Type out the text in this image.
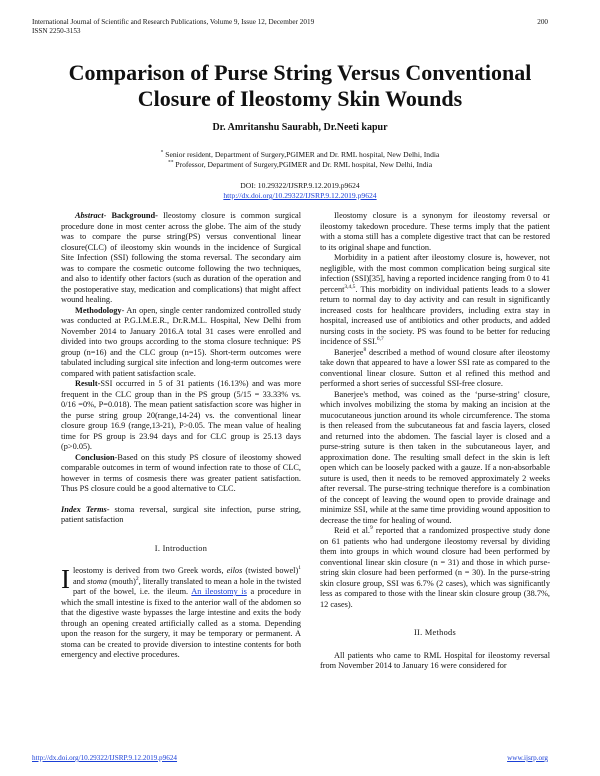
International Journal of Scientific and Research Publications, Volume 9, Issue 12, December 2019
ISSN 2250-3153
200
Comparison of Purse String Versus Conventional
Closure of Ileostomy Skin Wounds
Dr. Amritanshu Saurabh, Dr.Neeti kapur
* Senior resident, Department of Surgery,PGIMER and Dr. RML hospital, New Delhi, India
** Professor, Department of Surgery,PGIMER and Dr. RML hospital, New Delhi, India
DOI: 10.29322/IJSRP.9.12.2019.p9624
http://dx.doi.org/10.29322/IJSRP.9.12.2019.p9624

Abstract- Background- Ileostomy closure is common surgical procedure done in most center across the globe. The aim of the study was to compare the purse string(PS) versus conventional linear closure(CLC) of ileostomy skin wounds in the incidence of Surgical Site Infection (SSI) following the stoma reversal. The secondary aim was to compare the cosmetic outcome following the two techniques, and also to identify other factors (such as duration of the operation and the postoperative stay, medication and complications) that might affect wound healing.

Methodology- An open, single center randomized controlled study was conducted at P.G.I.M.E.R., Dr.R.M.L. Hospital, New Delhi from November 2014 to January 2016.A total 31 cases were enrolled and divided into two groups according to the stoma closure technique: PS group (n=16) and the CLC group (n=15). Short-term outcomes were tabulated including surgical site infection and long-term outcomes were compared with patient satisfaction scale.

Result-SSI occurred in 5 of 31 patients (16.13%) and was more frequent in the CLC group than in the PS group (5/15 = 33.33% vs. 0/16 =0%, P=0.018). The mean patient satisfaction score was higher in the purse string group 20(range,14-24) vs. the conventional linear closure group 16.9 (range,13-21), P>0.05. The mean value of healing time for PS group is 23.94 days and for CLC group is 25.13 days (p>0.05).

Conclusion-Based on this study PS closure of ileostomy showed comparable outcomes in term of wound infection rate to those of CLC, however in terms of cosmesis there was greater patient satisfaction. Thus PS closure could be a good alternative to CLC.

Index Terms- stoma reversal, surgical site infection, purse string, patient satisfaction

I. Introduction

Ileostomy is derived from two Greek words, eilos (twisted bowel)$^1$ and stoma (mouth)$^2$, literally translated to mean a hole in the twisted part of the bowel, i.e. the ileum. An ileostomy is a procedure in which the small intestine is fixed to the anterior wall of the abdomen so that the digestive waste bypasses the large intestine and exits the body through an opening created artificially called as a stoma. Depending upon the reason for the surgery, it may be temporary or permanent. A stoma can be created to provide diversion to intestine contents for both emergency and elective procedures.

Ileostomy closure is a synonym for ileostomy reversal or ileostomy takedown procedure. These terms imply that the patient with a stoma still has a complete digestive tract that can be restored to its original shape and function.

Morbidity in a patient after ileostomy closure is, however, not negligible, with the most common complication being surgical site infection (SSI)[35], having a reported incidence ranging from 0 to 41 percent$^{3,4,5}$. This morbidity on individual patients leads to a slower return to normal day to day activity and can result in significantly increased costs for healthcare providers, including extra stay in hospital, increased use of antibiotics and other products, and added nursing costs in the society. PS was found to be better for reducing incidence of SSI.$^{6,7}$

Banerjee$^8$ described a method of wound closure after ileostomy take down that appeared to have a lower SSI rate as compared to the conventional linear closure. Sutton et al refined this method and performed a short series of successful SSI-free closure.

Banerjee's method, was coined as the ‘purse-string’ closure, which involves mobilizing the stoma by making an incision at the mucocutaneous junction around its whole circumference. The stoma is then released from the subcutaneous fat and fascia layers, closed and returned into the abdomen. The fascial layer is closed and a purse-string suture is then taken in the subcutaneous layer, and approximation done. The resulting small defect in the skin is left open which can be loosely packed with a gauze. If a non-absorbable suture is used, then it needs to be removed approximately 2 weeks after reversal. The purse-string technique therefore is a combination of the concept of leaving the wound open to provide drainage and minimize SSI, while at the same time providing wound apposition to decrease the time for healing of wound.

Reid et al.$^9$ reported that a randomized prospective study done on 61 patients who had undergone ileostomy reversal by dividing them into groups in which wound closure had been performed by conventional linear skin closure (n = 31) and those in which purse-string skin closure had been performed (n = 30). In the purse-string skin closure group, SSI was 6.7% (2 cases), which was significantly less as compared to those with the linear skin closure group (38.7%, 12 cases).

II. Methods

All patients who came to RML Hospital for ileostomy reversal from November 2014 to January 16 were considered for

http://dx.doi.org/10.29322/IJSRP.9.12.2019.p9624	www.ijsrp.org
